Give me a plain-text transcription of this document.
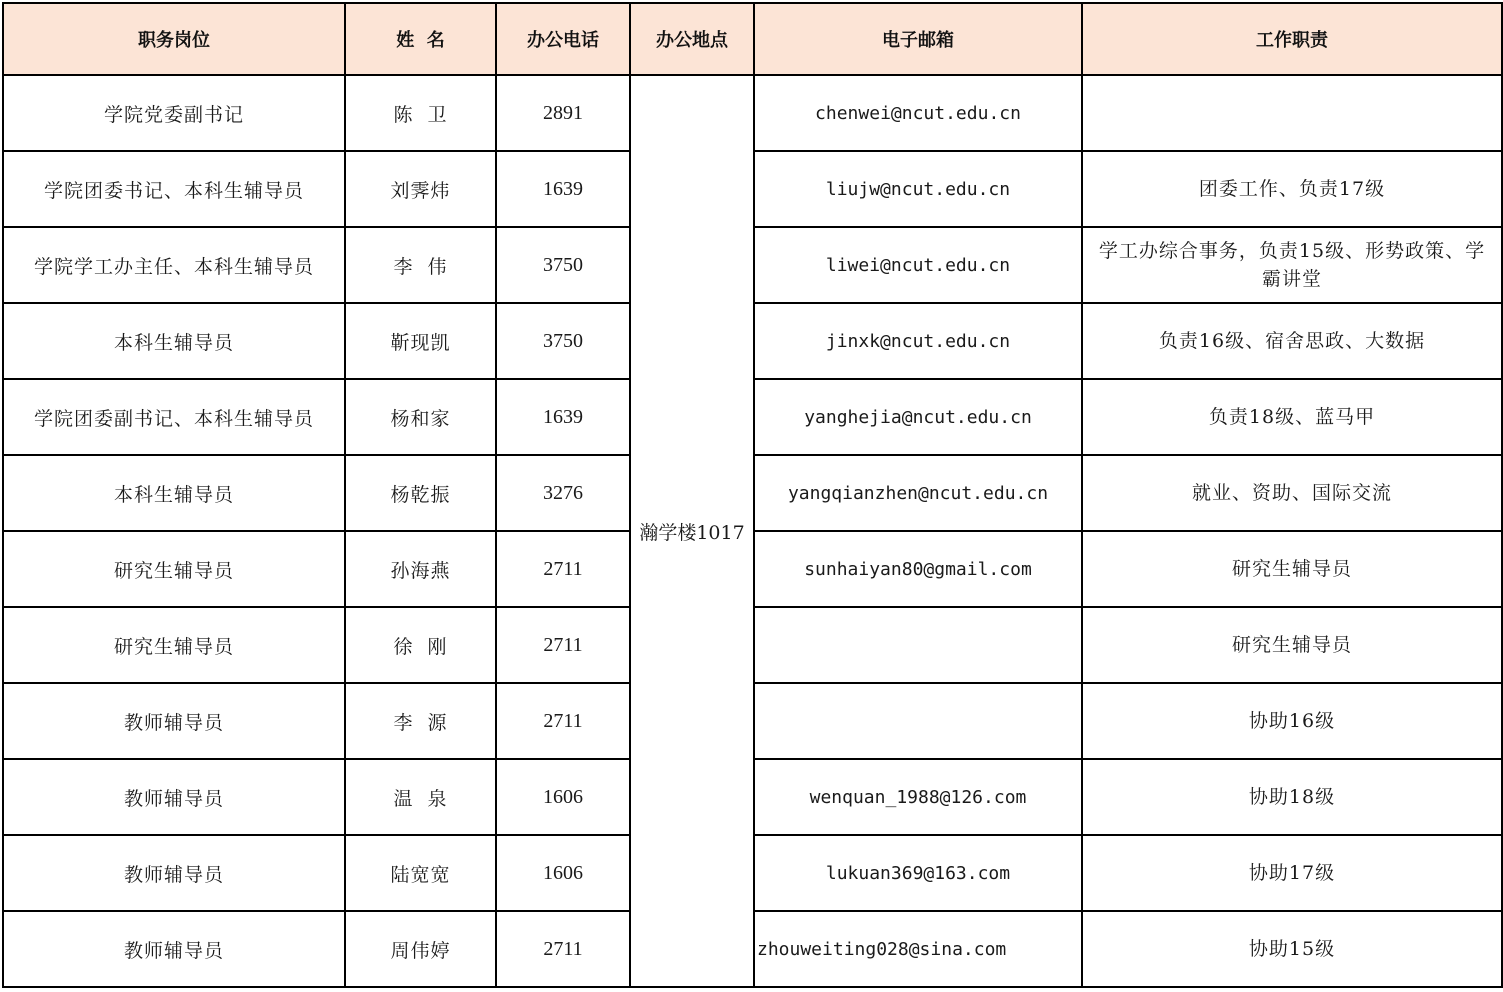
职务岗位	姓  名	办公电话	办公地点	电子邮箱	工作职责
学院党委副书记	陈  卫	2891	瀚学楼1017	chenwei@ncut.edu.cn	
学院团委书记、本科生辅导员	刘霁炜	1639		liujw@ncut.edu.cn	团委工作、负责17级
学院学工办主任、本科生辅导员	李  伟	3750		liwei@ncut.edu.cn	学工办综合事务，负责15级、形势政策、学霸讲堂
本科生辅导员	靳现凯	3750		jinxk@ncut.edu.cn	负责16级、宿舍思政、大数据
学院团委副书记、本科生辅导员	杨和家	1639		yanghejia@ncut.edu.cn	负责18级、蓝马甲
本科生辅导员	杨乾振	3276		yangqianzhen@ncut.edu.cn	就业、资助、国际交流
研究生辅导员	孙海燕	2711		sunhaiyan80@gmail.com	研究生辅导员
研究生辅导员	徐  刚	2711			研究生辅导员
教师辅导员	李  源	2711			协助16级
教师辅导员	温  泉	1606		wenquan_1988@126.com	协助18级
教师辅导员	陆宽宽	1606		lukuan369@163.com	协助17级
教师辅导员	周伟婷	2711		zhouweiting028@sina.com	协助15级
